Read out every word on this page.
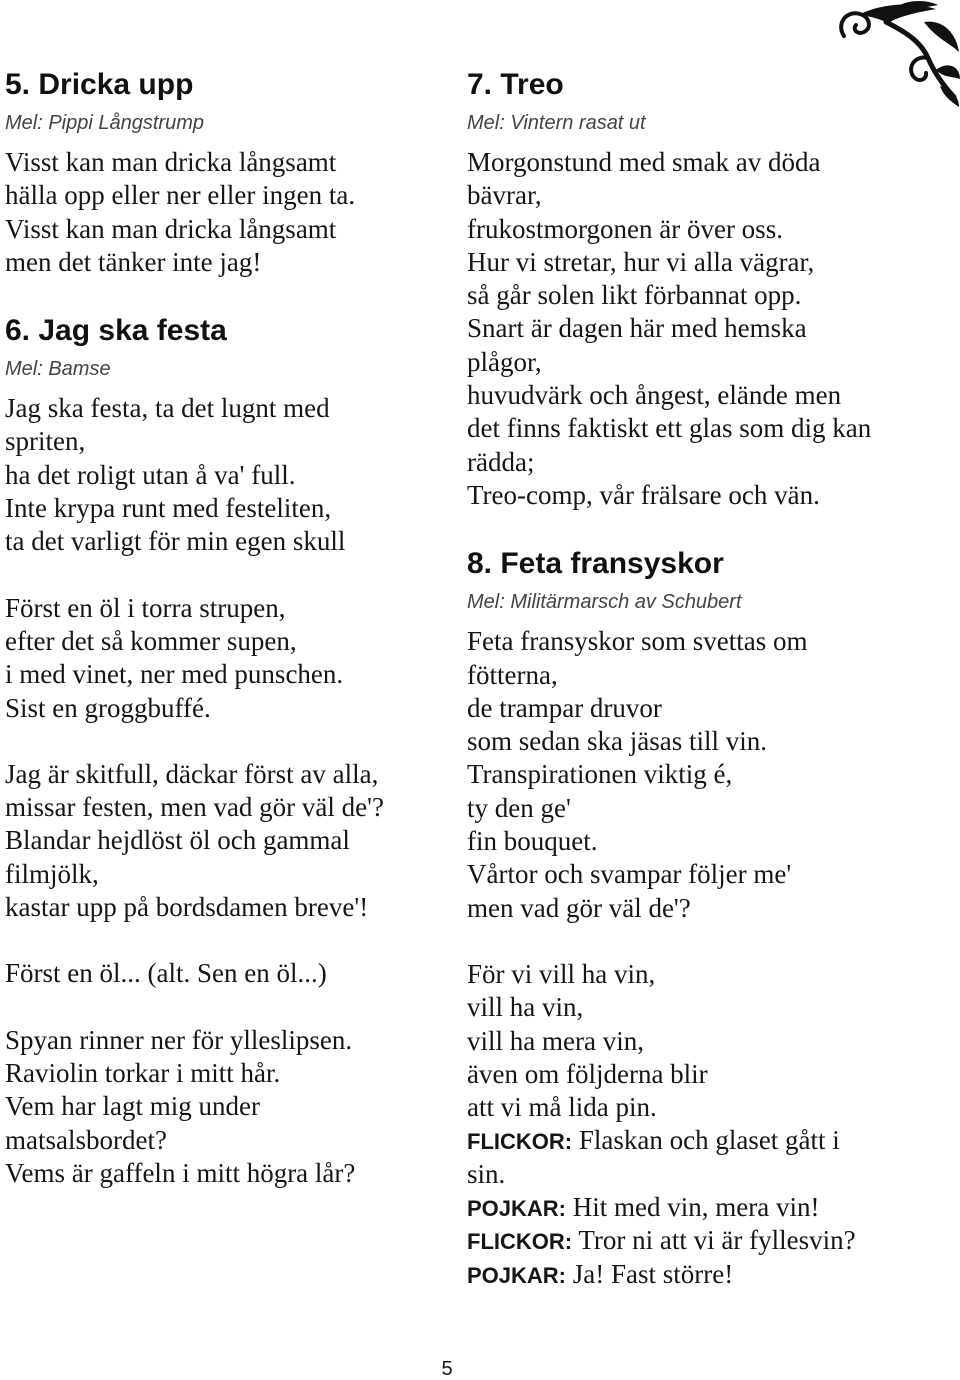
5. Dricka upp
Mel: Pippi Långstrump
Visst kan man dricka långsamt
hälla opp eller ner eller ingen ta.
Visst kan man dricka långsamt
men det tänker inte jag!
6. Jag ska festa
Mel: Bamse
Jag ska festa, ta det lugnt med
spriten,
ha det roligt utan å va' full.
Inte krypa runt med festeliten,
ta det varligt för min egen skull
Först en öl i torra strupen,
efter det så kommer supen,
i med vinet, ner med punschen.
Sist en groggbuffé.
Jag är skitfull, däckar först av alla,
missar festen, men vad gör väl de'?
Blandar hejdlöst öl och gammal
filmjölk,
kastar upp på bordsdamen breve'!
Först en öl... (alt. Sen en öl...)
Spyan rinner ner för ylleslipsen.
Raviolin torkar i mitt hår.
Vem har lagt mig under
matsalsbordet?
Vems är gaffeln i mitt högra lår?
7. Treo
Mel: Vintern rasat ut
Morgonstund med smak av döda
bävrar,
frukostmorgonen är över oss.
Hur vi stretar, hur vi alla vägrar,
så går solen likt förbannat opp.
Snart är dagen här med hemska
plågor,
huvudvärk och ångest, elände men
det finns faktiskt ett glas som dig kan
rädda;
Treo-comp, vår frälsare och vän.
8. Feta fransyskor
Mel: Militärmarsch av Schubert
Feta fransyskor som svettas om
fötterna,
de trampar druvor
som sedan ska jäsas till vin.
Transpirationen viktig é,
ty den ge'
fin bouquet.
Vårtor och svampar följer me'
men vad gör väl de'?
För vi vill ha vin,
vill ha vin,
vill ha mera vin,
även om följderna blir
att vi må lida pin.
FLICKOR: Flaskan och glaset gått i
sin.
POJKAR: Hit med vin, mera vin!
FLICKOR: Tror ni att vi är fyllesvin?
POJKAR: Ja! Fast större!
5
